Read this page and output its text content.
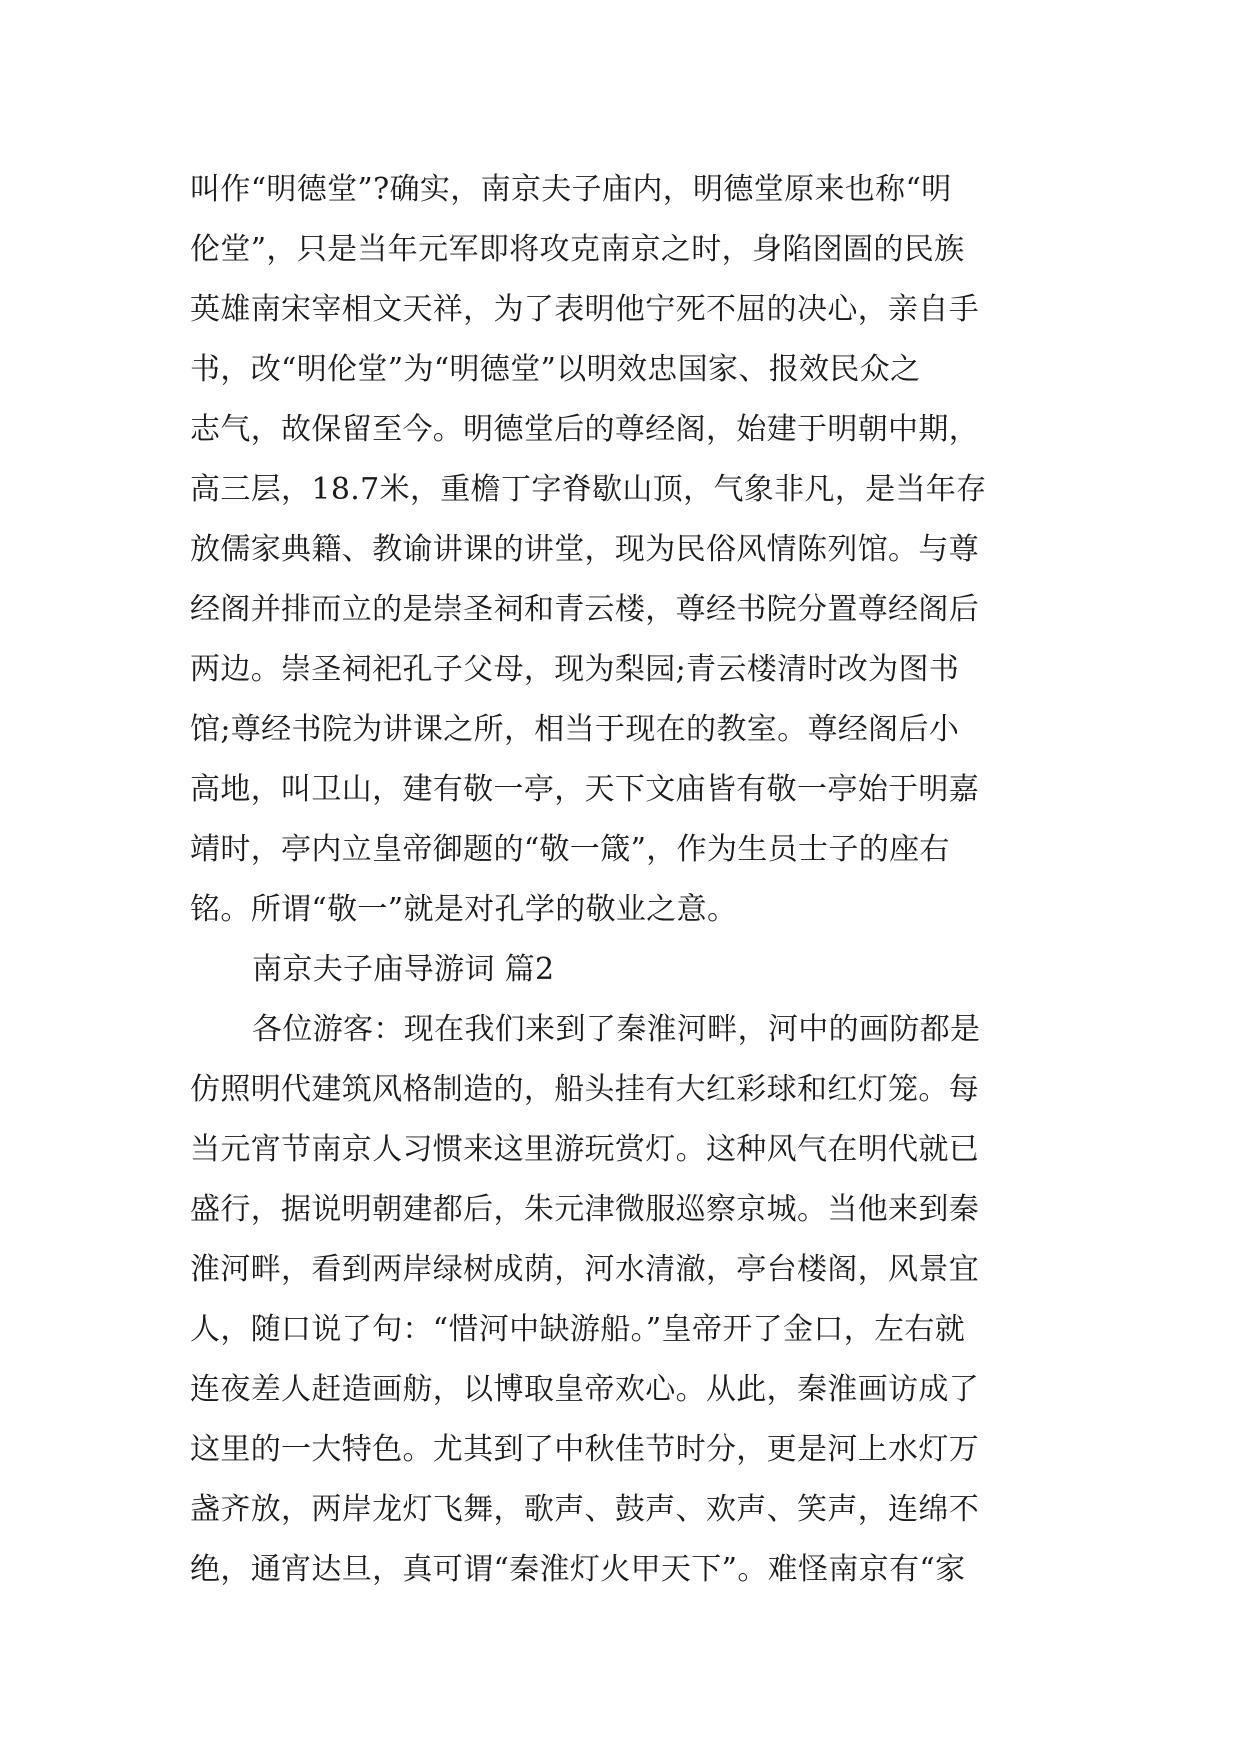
叫作“明德堂”?确实，南京夫子庙内，明德堂原来也称“明

伦堂”，只是当年元军即将攻克南京之时，身陷囹圄的民族

英雄南宋宰相文天祥，为了表明他宁死不屈的决心，亲自手

书，改“明伦堂”为“明德堂”以明效忠国家、报效民众之

志气，故保留至今。明德堂后的尊经阁，始建于明朝中期，

高三层，18.7米，重檐丁字脊歇山顶，气象非凡，是当年存

放儒家典籍、教谕讲课的讲堂，现为民俗风情陈列馆。与尊

经阁并排而立的是崇圣祠和青云楼，尊经书院分置尊经阁后

两边。崇圣祠祀孔子父母，现为梨园;青云楼清时改为图书

馆;尊经书院为讲课之所，相当于现在的教室。尊经阁后小

高地，叫卫山，建有敬一亭，天下文庙皆有敬一亭始于明嘉

靖时，亭内立皇帝御题的“敬一箴”，作为生员士子的座右

铭。所谓“敬一”就是对孔学的敬业之意。

南京夫子庙导游词 篇2

各位游客：现在我们来到了秦淮河畔，河中的画防都是

仿照明代建筑风格制造的，船头挂有大红彩球和红灯笼。每

当元宵节南京人习惯来这里游玩赏灯。这种风气在明代就已

盛行，据说明朝建都后，朱元津微服巡察京城。当他来到秦

淮河畔，看到两岸绿树成荫，河水清澈，亭台楼阁，风景宜

人，随口说了句：“惜河中缺游船。”皇帝开了金口，左右就

连夜差人赶造画舫，以博取皇帝欢心。从此，秦淮画访成了

这里的一大特色。尤其到了中秋佳节时分，更是河上水灯万

盏齐放，两岸龙灯飞舞，歌声、鼓声、欢声、笑声，连绵不

绝，通宵达旦，真可谓“秦淮灯火甲天下”。难怪南京有“家
